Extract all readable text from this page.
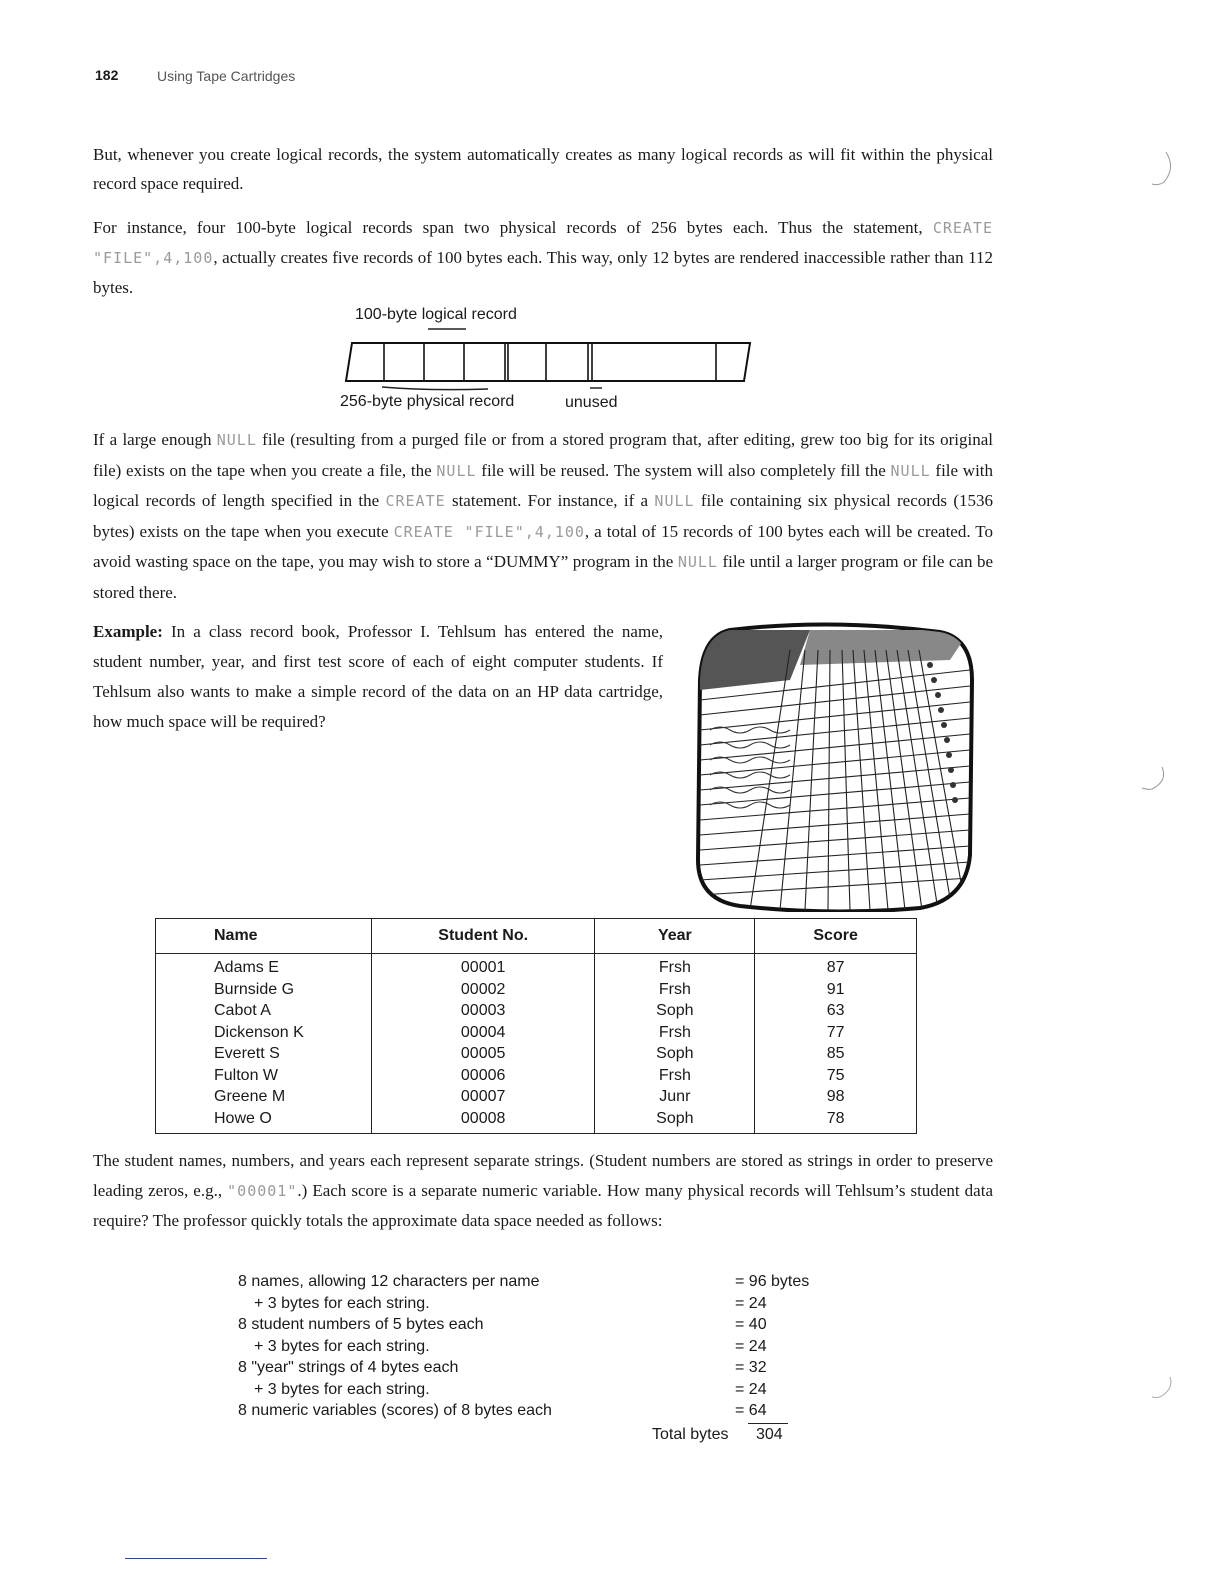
182	Using Tape Cartridges

But, whenever you create logical records, the system automatically creates as many logical records as will fit within the physical record space required.

For instance, four 100-byte logical records span two physical records of 256 bytes each. Thus the statement, CREATE "FILE",4,100, actually creates five records of 100 bytes each. This way, only 12 bytes are rendered inaccessible rather than 112 bytes.

100-byte logical record
256-byte physical record	unused

If a large enough NULL file (resulting from a purged file or from a stored program that, after editing, grew too big for its original file) exists on the tape when you create a file, the NULL file will be reused. The system will also completely fill the NULL file with logical records of length specified in the CREATE statement. For instance, if a NULL file containing six physical records (1536 bytes) exists on the tape when you execute CREATE "FILE",4,100, a total of 15 records of 100 bytes each will be created. To avoid wasting space on the tape, you may wish to store a “DUMMY” program in the NULL file until a larger program or file can be stored there.

Example: In a class record book, Professor I. Tehlsum has entered the name, student number, year, and first test score of each of eight computer students. If Tehlsum also wants to make a simple record of the data on an HP data cartridge, how much space will be required?
Name	Student No.	Year	Score
Adams E	00001	Frsh	87
Burnside G	00002	Frsh	91
Cabot A	00003	Soph	63
Dickenson K	00004	Frsh	77
Everett S	00005	Soph	85
Fulton W	00006	Frsh	75
Greene M	00007	Junr	98
Howe O	00008	Soph	78

The student names, numbers, and years each represent separate strings. (Student numbers are stored as strings in order to preserve leading zeros, e.g., "00001".) Each score is a separate numeric variable. How many physical records will Tehlsum’s student data require? The professor quickly totals the approximate data space needed as follows:

8 names, allowing 12 characters per name	= 96 bytes
+ 3 bytes for each string.	= 24
8 student numbers of 5 bytes each	= 40
+ 3 bytes for each string.	= 24
8 "year" strings of 4 bytes each	= 32
+ 3 bytes for each string.	= 24
8 numeric variables (scores) of 8 bytes each	= 64
Total bytes 304
